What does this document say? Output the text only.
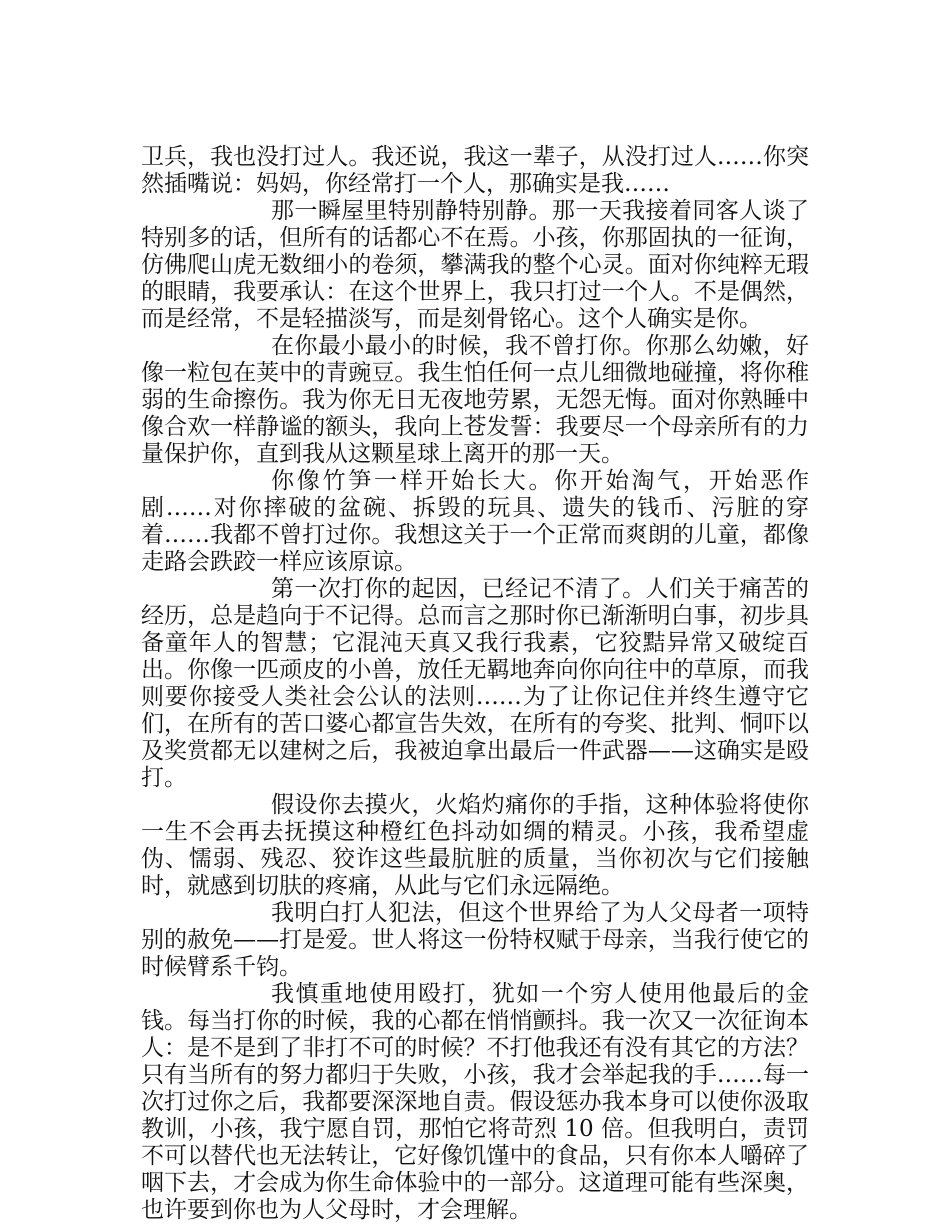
卫兵，我也没打过人。我还说，我这一辈子，从没打过人……你突然插嘴说：妈妈，你经常打一个人，那确实是我……

那一瞬屋里特别静特别静。那一天我接着同客人谈了特别多的话，但所有的话都心不在焉。小孩，你那固执的一征询，仿佛爬山虎无数细小的卷须，攀满我的整个心灵。面对你纯粹无瑕的眼睛，我要承认：在这个世界上，我只打过一个人。不是偶然，而是经常，不是轻描淡写，而是刻骨铭心。这个人确实是你。

在你最小最小的时候，我不曾打你。你那么幼嫩，好像一粒包在荚中的青豌豆。我生怕任何一点儿细微地碰撞，将你稚弱的生命擦伤。我为你无日无夜地劳累，无怨无悔。面对你熟睡中像合欢一样静谧的额头，我向上苍发誓：我要尽一个母亲所有的力量保护你，直到我从这颗星球上离开的那一天。

你像竹笋一样开始长大。你开始淘气，开始恶作剧……对你摔破的盆碗、拆毁的玩具、遗失的钱币、污脏的穿着……我都不曾打过你。我想这关于一个正常而爽朗的儿童，都像走路会跌跤一样应该原谅。

第一次打你的起因，已经记不清了。人们关于痛苦的经历，总是趋向于不记得。总而言之那时你已渐渐明白事，初步具备童年人的智慧；它混沌天真又我行我素，它狡黠异常又破绽百出。你像一匹顽皮的小兽，放任无羁地奔向你向往中的草原，而我则要你接受人类社会公认的法则……为了让你记住并终生遵守它们，在所有的苦口婆心都宣告失效，在所有的夸奖、批判、恫吓以及奖赏都无以建树之后，我被迫拿出最后一件武器——这确实是殴打。

假设你去摸火，火焰灼痛你的手指，这种体验将使你一生不会再去抚摸这种橙红色抖动如绸的精灵。小孩，我希望虚伪、懦弱、残忍、狡诈这些最肮脏的质量，当你初次与它们接触时，就感到切肤的疼痛，从此与它们永远隔绝。

我明白打人犯法，但这个世界给了为人父母者一项特别的赦免——打是爱。世人将这一份特权赋于母亲，当我行使它的时候臂系千钧。

我慎重地使用殴打，犹如一个穷人使用他最后的金钱。每当打你的时候，我的心都在悄悄颤抖。我一次又一次征询本人：是不是到了非打不可的时候？不打他我还有没有其它的方法？只有当所有的努力都归于失败，小孩，我才会举起我的手……每一次打过你之后，我都要深深地自责。假设惩办我本身可以使你汲取教训，小孩，我宁愿自罚，那怕它将苛烈 10 倍。但我明白，责罚不可以替代也无法转让，它好像饥馑中的食品，只有你本人嚼碎了咽下去，才会成为你生命体验中的一部分。这道理可能有些深奥，也许要到你也为人父母时，才会理解。
